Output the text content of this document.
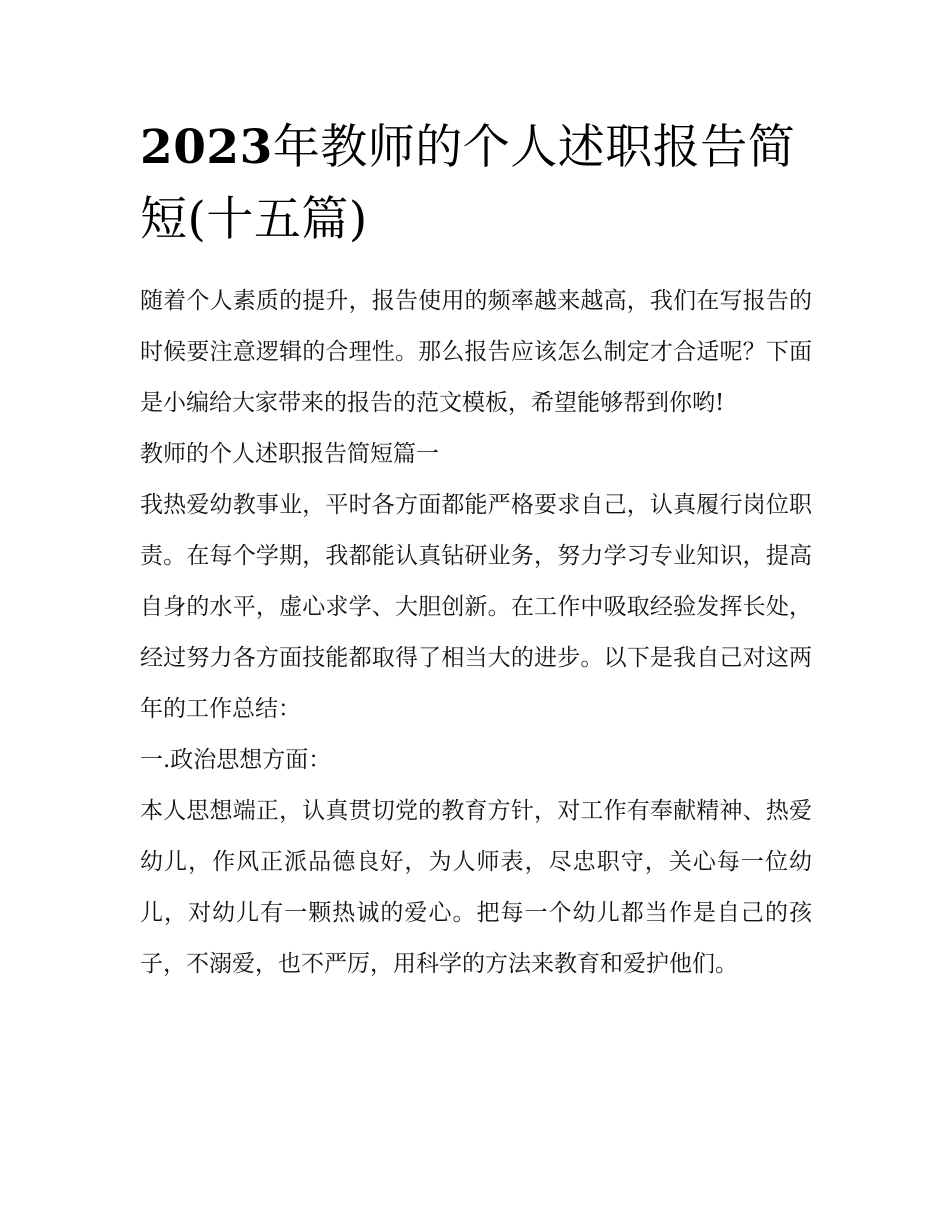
2023年教师的个人述职报告简短(十五篇)

随着个人素质的提升，报告使用的频率越来越高，我们在写报告的时候要注意逻辑的合理性。那么报告应该怎么制定才合适呢？下面是小编给大家带来的报告的范文模板，希望能够帮到你哟!

教师的个人述职报告简短篇一

我热爱幼教事业，平时各方面都能严格要求自己，认真履行岗位职责。在每个学期，我都能认真钻研业务，努力学习专业知识，提高自身的水平，虚心求学、大胆创新。在工作中吸取经验发挥长处，经过努力各方面技能都取得了相当大的进步。以下是我自己对这两年的工作总结：

一.政治思想方面：

本人思想端正，认真贯切党的教育方针，对工作有奉献精神、热爱幼儿，作风正派品德良好，为人师表，尽忠职守，关心每一位幼儿，对幼儿有一颗热诚的爱心。把每一个幼儿都当作是自己的孩子，不溺爱，也不严厉，用科学的方法来教育和爱护他们。
